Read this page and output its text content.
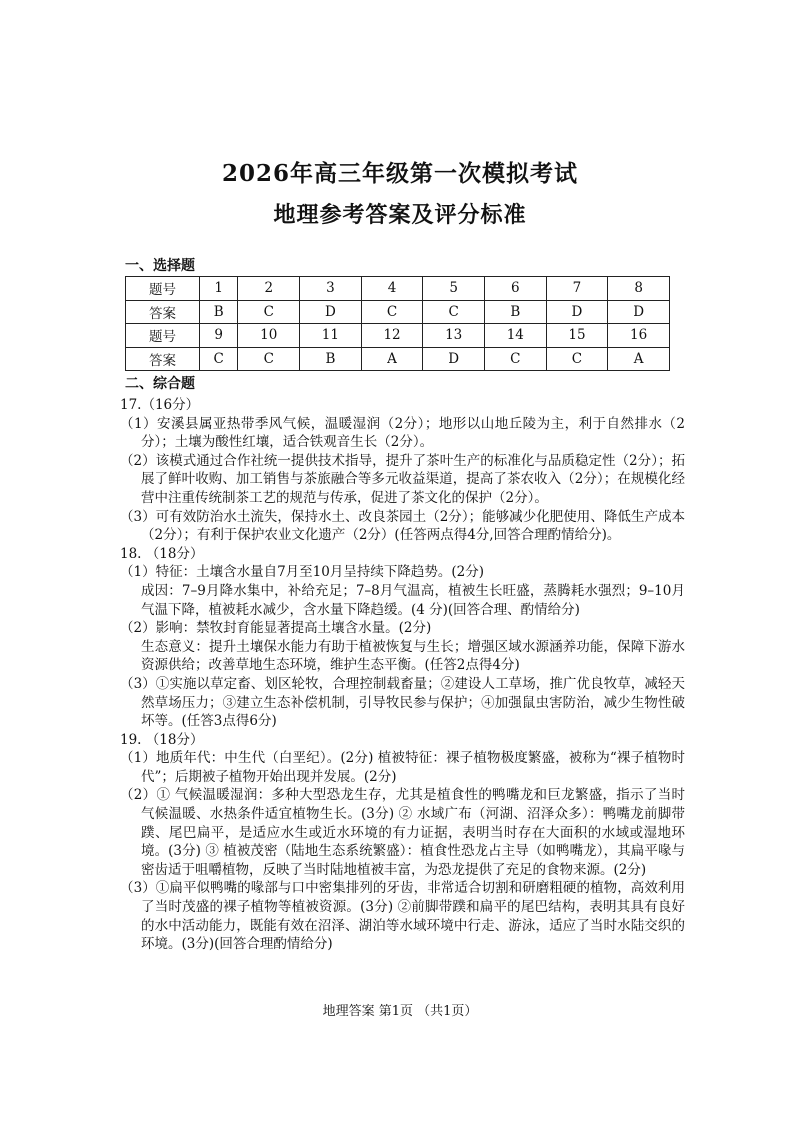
2026年高三年级第一次模拟考试
地理参考答案及评分标准
一、选择题
题号	1	2	3	4	5	6	7	8
答案	B	C	D	C	C	B	D	D
题号	9	10	11	12	13	14	15	16
答案	C	C	B	A	D	C	C	A
二、综合题

17.（16分）

（1）安溪县属亚热带季风气候，温暖湿润（2分）；地形以山地丘陵为主，利于自然排水（2分）；土壤为酸性红壤，适合铁观音生长（2分）。

（2）该模式通过合作社统一提供技术指导，提升了茶叶生产的标准化与品质稳定性（2分）；拓展了鲜叶收购、加工销售与茶旅融合等多元收益渠道，提高了茶农收入（2分）；在规模化经营中注重传统制茶工艺的规范与传承，促进了茶文化的保护（2分）。

（3）可有效防治水土流失，保持水土、改良茶园土（2分）；能够减少化肥使用、降低生产成本（2分）；有利于保护农业文化遗产（2分）(任答两点得4分,回答合理酌情给分)。

18. （18分）

（1）特征：土壤含水量自7月至10月呈持续下降趋势。(2分)

成因：7–9月降水集中，补给充足；7–8月气温高，植被生长旺盛，蒸腾耗水强烈；9–10月气温下降，植被耗水减少，含水量下降趋缓。(4 分)(回答合理、酌情给分)

（2）影响：禁牧封育能显著提高土壤含水量。(2分)

生态意义：提升土壤保水能力有助于植被恢复与生长；增强区域水源涵养功能，保障下游水资源供给；改善草地生态环境，维护生态平衡。(任答2点得4分)

（3）①实施以草定畜、划区轮牧，合理控制载畜量；②建设人工草场，推广优良牧草，减轻天然草场压力；③建立生态补偿机制，引导牧民参与保护；④加强鼠虫害防治，减少生物性破坏等。(任答3点得6分)

19. （18分）

（1）地质年代：中生代（白垩纪）。(2分) 植被特征：裸子植物极度繁盛，被称为“裸子植物时代”；后期被子植物开始出现并发展。(2分)

（2）① 气候温暖湿润：多种大型恐龙生存，尤其是植食性的鸭嘴龙和巨龙繁盛，指示了当时气候温暖、水热条件适宜植物生长。(3分) ② 水域广布（河湖、沼泽众多）：鸭嘴龙前脚带蹼、尾巴扁平，是适应水生或近水环境的有力证据，表明当时存在大面积的水域或湿地环境。(3分) ③ 植被茂密（陆地生态系统繁盛）：植食性恐龙占主导（如鸭嘴龙），其扁平喙与密齿适于咀嚼植物，反映了当时陆地植被丰富，为恐龙提供了充足的食物来源。(2分)

（3）①扁平似鸭嘴的喙部与口中密集排列的牙齿，非常适合切割和研磨粗硬的植物，高效利用了当时茂盛的裸子植物等植被资源。(3分) ②前脚带蹼和扁平的尾巴结构，表明其具有良好的水中活动能力，既能有效在沼泽、湖泊等水域环境中行走、游泳，适应了当时水陆交织的环境。(3分)(回答合理酌情给分)

地理答案 第1页 （共1页）
